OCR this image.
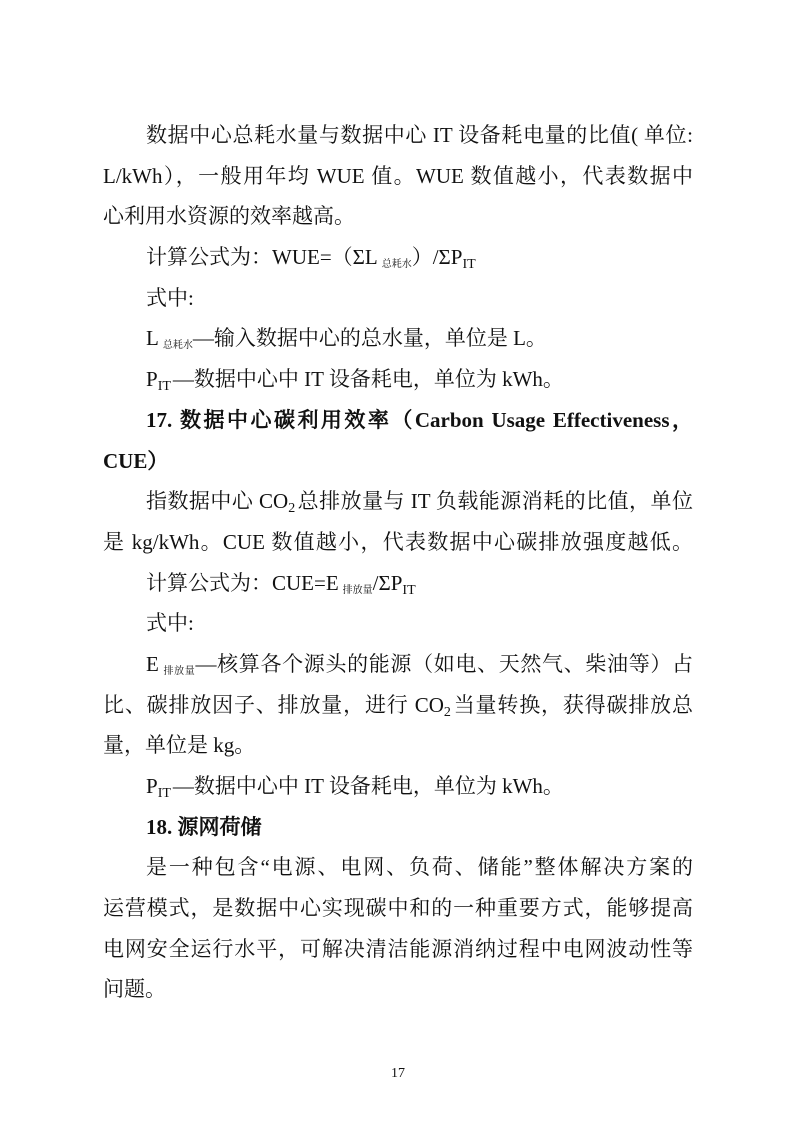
数据中心总耗水量与数据中心 IT 设备耗电量的比值( 单位:
L/kWh），一般用年均 WUE 值。WUE 数值越小，代表数据中
心利用水资源的效率越高。
计算公式为：WUE=（ΣL 总耗水）/ΣPIT
式中:
L总耗水—输入数据中心的总水量，单位是 L。
PIT—数据中心中 IT 设备耗电，单位为 kWh。
17. 数据中心碳利用效率（Carbon Usage Effectiveness，
CUE）
指数据中心 CO2总排放量与 IT 负载能源消耗的比值，单位
是 kg/kWh。CUE 数值越小，代表数据中心碳排放强度越低。
计算公式为：CUE=E 排放量/ΣPIT
式中:
E排放量—核算各个源头的能源（如电、天然气、柴油等）占
比、碳排放因子、排放量，进行 CO2当量转换，获得碳排放总
量，单位是 kg。
PIT—数据中心中 IT 设备耗电，单位为 kWh。
18. 源网荷储
是一种包含“电源、电网、负荷、储能”整体解决方案的
运营模式，是数据中心实现碳中和的一种重要方式，能够提高
电网安全运行水平，可解决清洁能源消纳过程中电网波动性等
问题。
17
